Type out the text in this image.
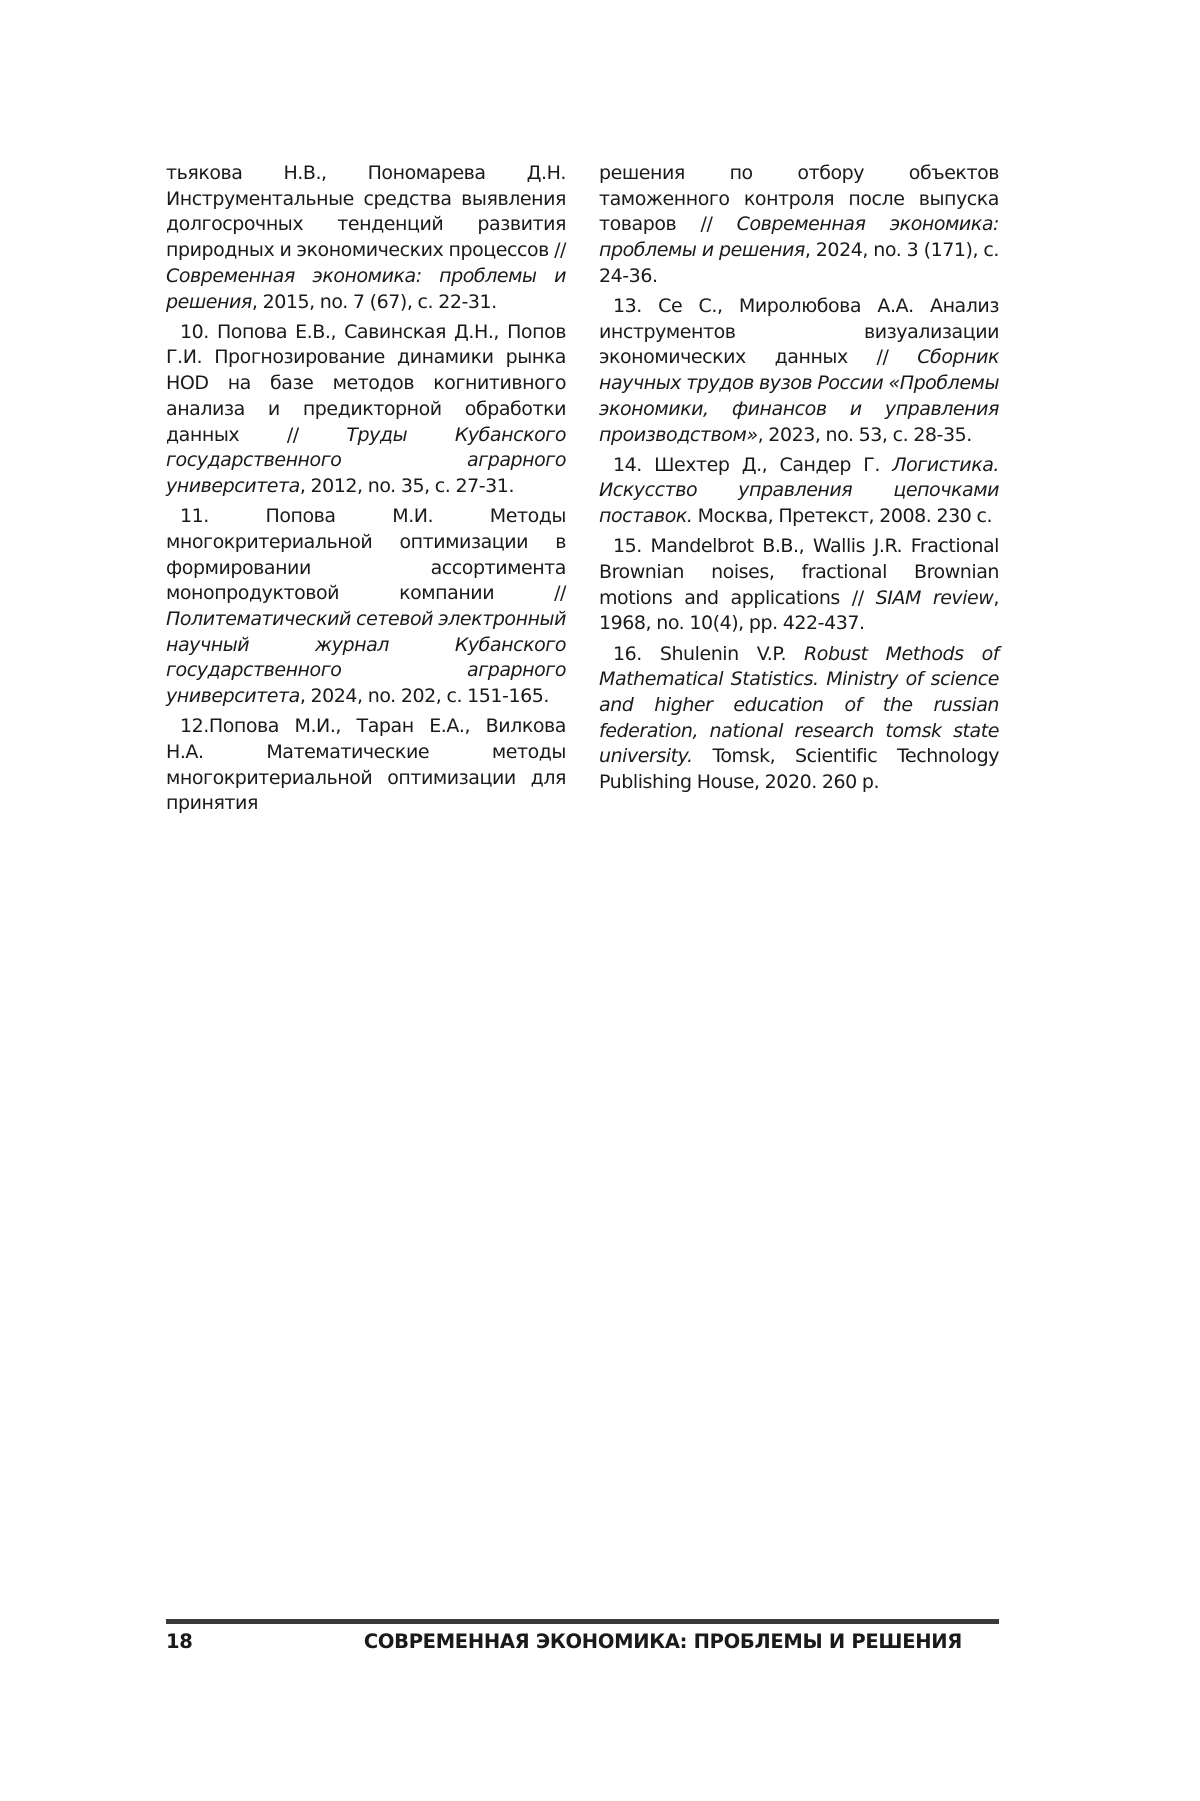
тьякова Н.В., Пономарева Д.Н. Инструментальные средства выявления долгосрочных тенденций развития природных и экономических процессов // Современная экономика: проблемы и решения, 2015, no. 7 (67), с. 22-31.

10. Попова Е.В., Савинская Д.Н., Попов Г.И. Прогнозирование динамики рынка HOD на базе методов когнитивного анализа и предикторной обработки данных // Труды Кубанского государственного аграрного университета, 2012, no. 35, с. 27-31.

11. Попова М.И. Методы многокритериальной оптимизации в формировании ассортимента монопродуктовой компании // Политематический сетевой электронный научный журнал Кубанского государственного аграрного университета, 2024, no. 202, с. 151-165.

12.Попова М.И., Таран Е.А., Вилкова Н.А. Математические методы многокритериальной оптимизации для принятия

решения по отбору объектов таможенного контроля после выпуска товаров // Современная экономика: проблемы и решения, 2024, no. 3 (171), с. 24-36.

13. Се С., Миролюбова А.А. Анализ инструментов визуализации экономических данных // Сборник научных трудов вузов России «Проблемы экономики, финансов и управления производством», 2023, no. 53, с. 28-35.

14. Шехтер Д., Сандер Г. Логистика. Искусство управления цепочками поставок. Москва, Претекст, 2008. 230 с.

15. Mandelbrot B.B., Wallis J.R. Fractional Brownian noises, fractional Brownian motions and applications // SIAM review, 1968, no. 10(4), pp. 422-437.

16. Shulenin V.P. Robust Methods of Mathematical Statistics. Ministry of science and higher education of the russian federation, national research tomsk state university. Tomsk, Scientific Technology Publishing House, 2020. 260 p.

18	СОВРЕМЕННАЯ ЭКОНОМИКА: ПРОБЛЕМЫ И РЕШЕНИЯ
